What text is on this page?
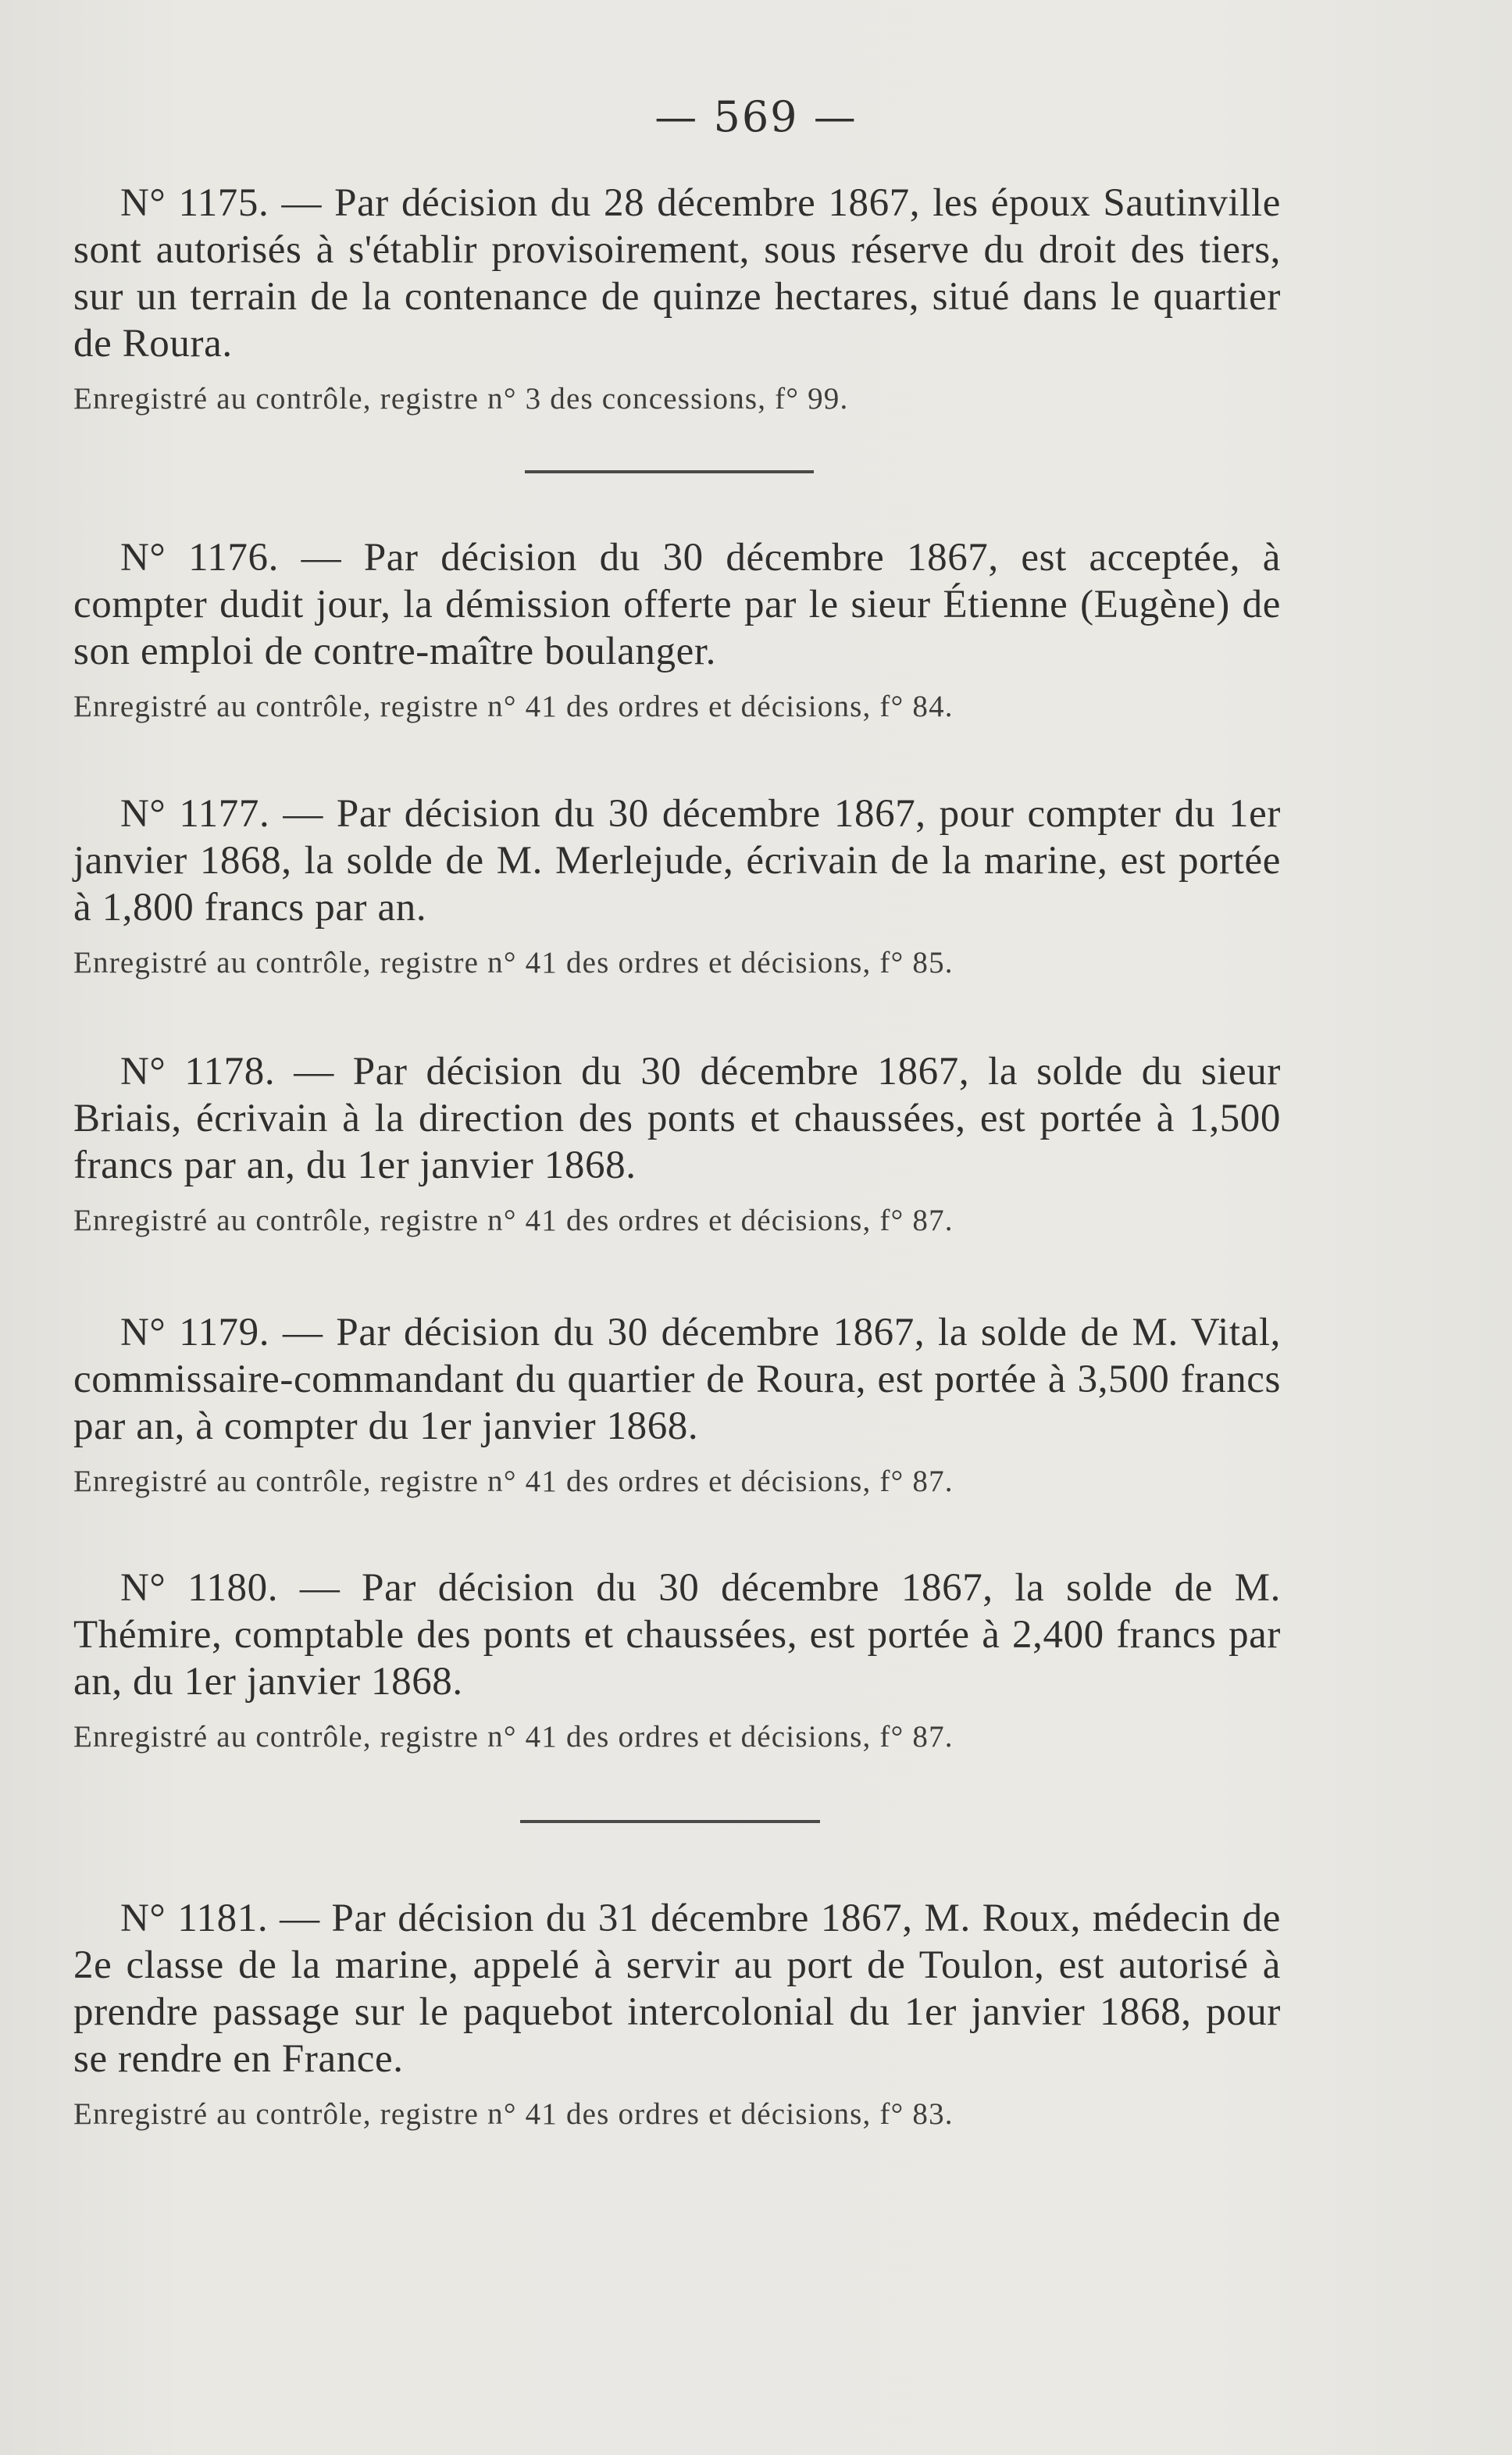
— 569 —

N° 1175. — Par décision du 28 décembre 1867, les époux Sautinville sont autorisés à s'établir provisoirement, sous réserve du droit des tiers, sur un terrain de la contenance de quinze hectares, situé dans le quartier de Roura.

Enregistré au contrôle, registre n° 3 des concessions, f° 99.

N° 1176. — Par décision du 30 décembre 1867, est acceptée, à compter dudit jour, la démission offerte par le sieur Étienne (Eugène) de son emploi de contre-maître boulanger.

Enregistré au contrôle, registre n° 41 des ordres et décisions, f° 84.

N° 1177. — Par décision du 30 décembre 1867, pour compter du 1er janvier 1868, la solde de M. Merlejude, écrivain de la marine, est portée à 1,800 francs par an.

Enregistré au contrôle, registre n° 41 des ordres et décisions, f° 85.

N° 1178. — Par décision du 30 décembre 1867, la solde du sieur Briais, écrivain à la direction des ponts et chaussées, est portée à 1,500 francs par an, du 1er janvier 1868.

Enregistré au contrôle, registre n° 41 des ordres et décisions, f° 87.

N° 1179. — Par décision du 30 décembre 1867, la solde de M. Vital, commissaire-commandant du quartier de Roura, est portée à 3,500 francs par an, à compter du 1er janvier 1868.

Enregistré au contrôle, registre n° 41 des ordres et décisions, f° 87.

N° 1180. — Par décision du 30 décembre 1867, la solde de M. Thémire, comptable des ponts et chaussées, est portée à 2,400 francs par an, du 1er janvier 1868.

Enregistré au contrôle, registre n° 41 des ordres et décisions, f° 87.

N° 1181. — Par décision du 31 décembre 1867, M. Roux, médecin de 2e classe de la marine, appelé à servir au port de Toulon, est autorisé à prendre passage sur le paquebot intercolonial du 1er janvier 1868, pour se rendre en France.

Enregistré au contrôle, registre n° 41 des ordres et décisions, f° 83.
